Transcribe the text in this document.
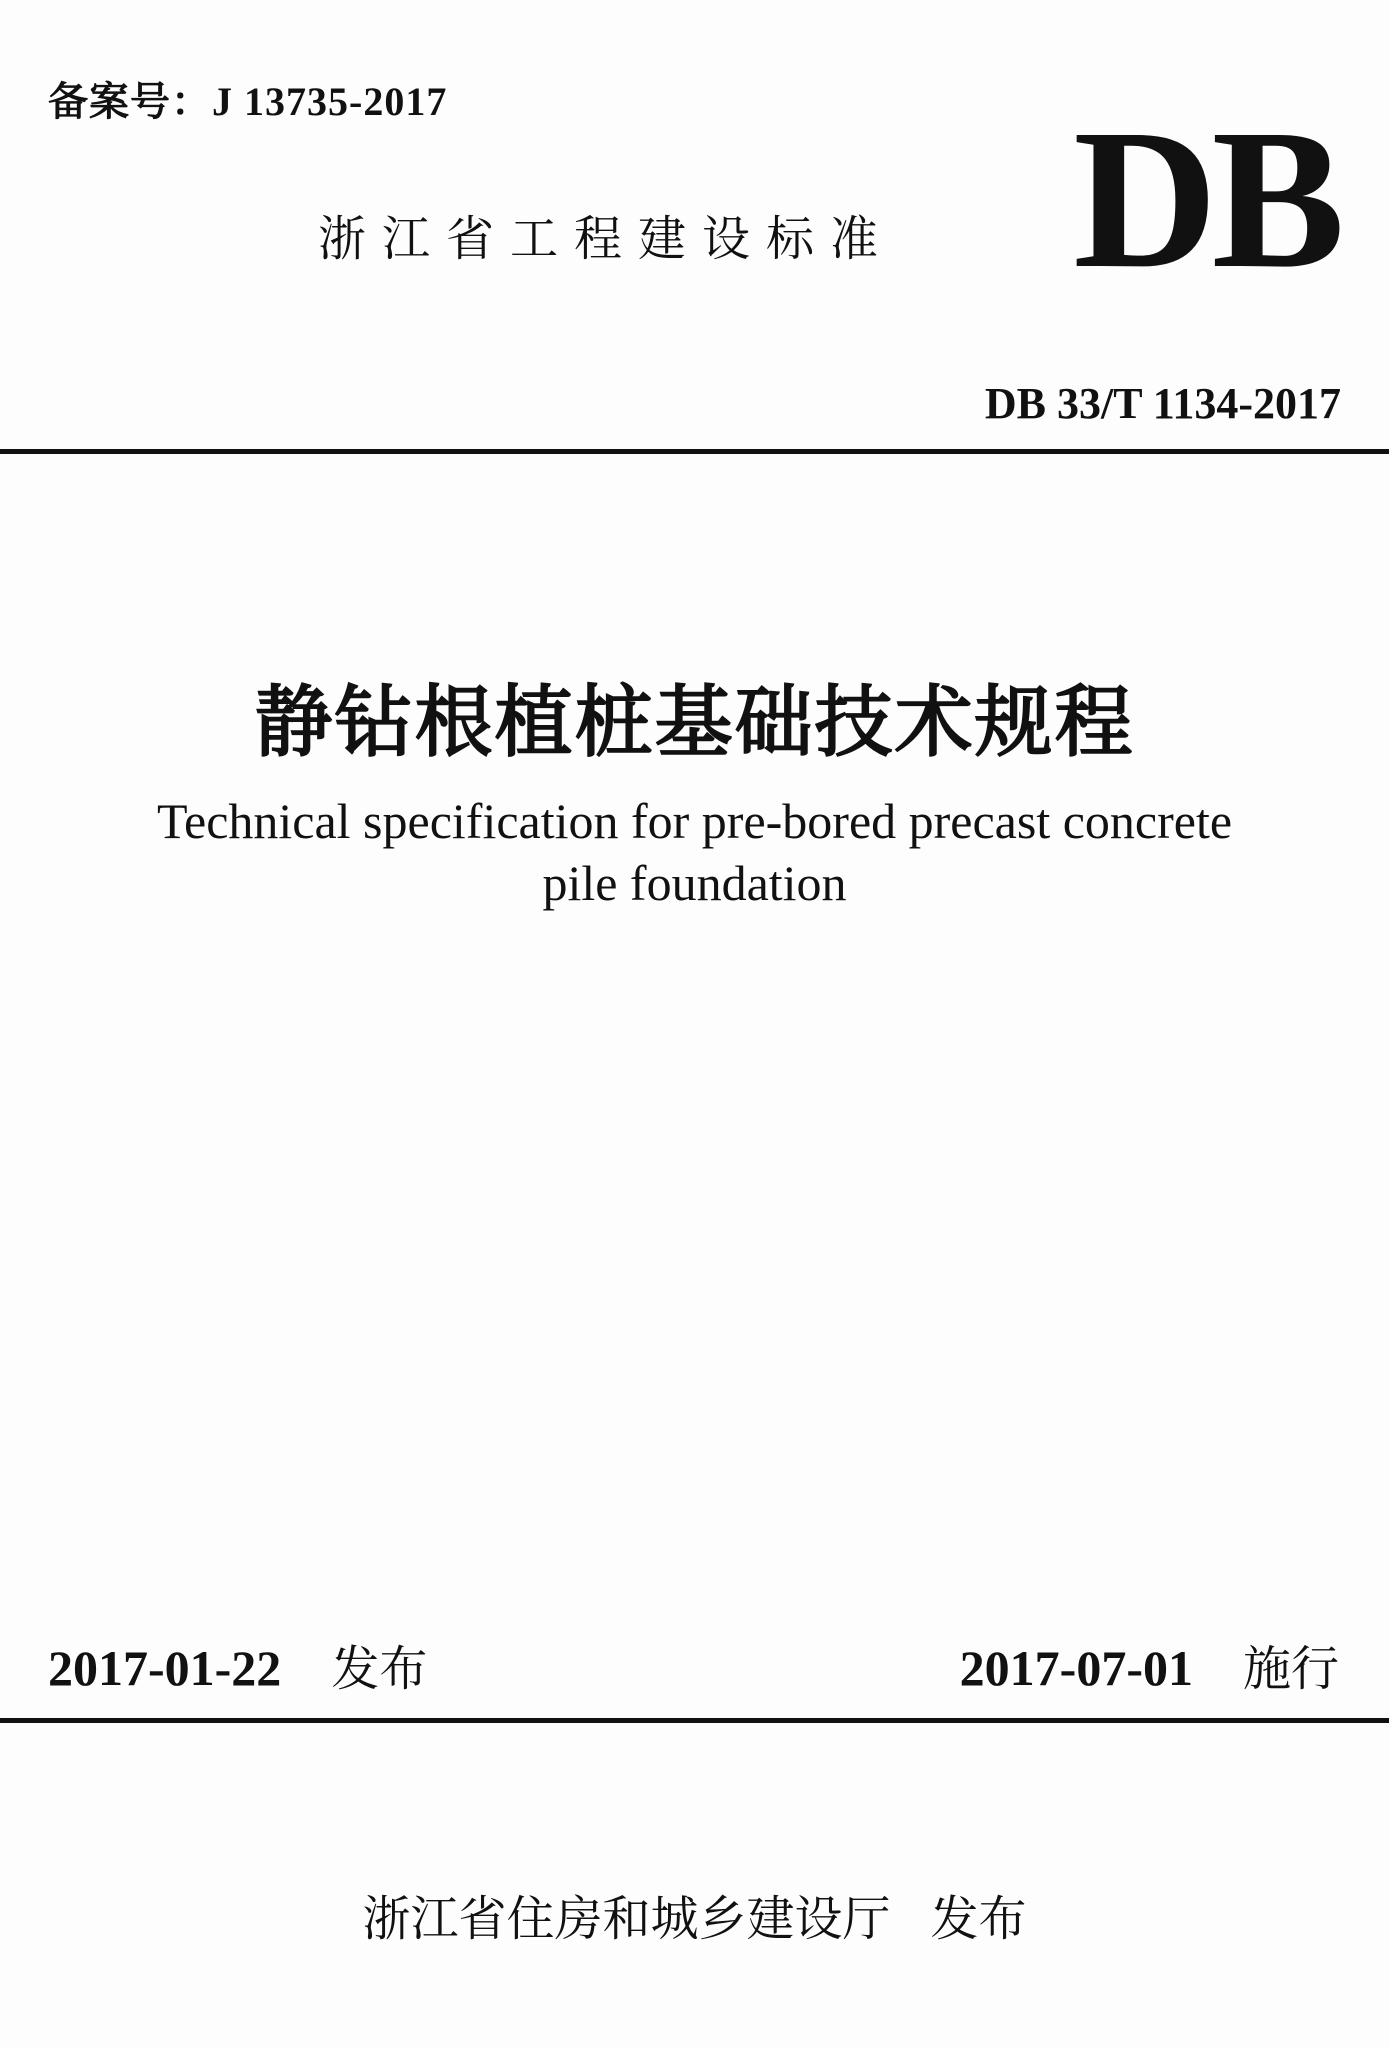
备案号：J 13735-2017
浙江省工程建设标准 DB
DB 33/T 1134-2017
静钻根植桩基础技术规程
Technical specification for pre-bored precast concrete
pile foundation
2017-01-22 发布	2017-07-01 施行
浙江省住房和城乡建设厅 发布
